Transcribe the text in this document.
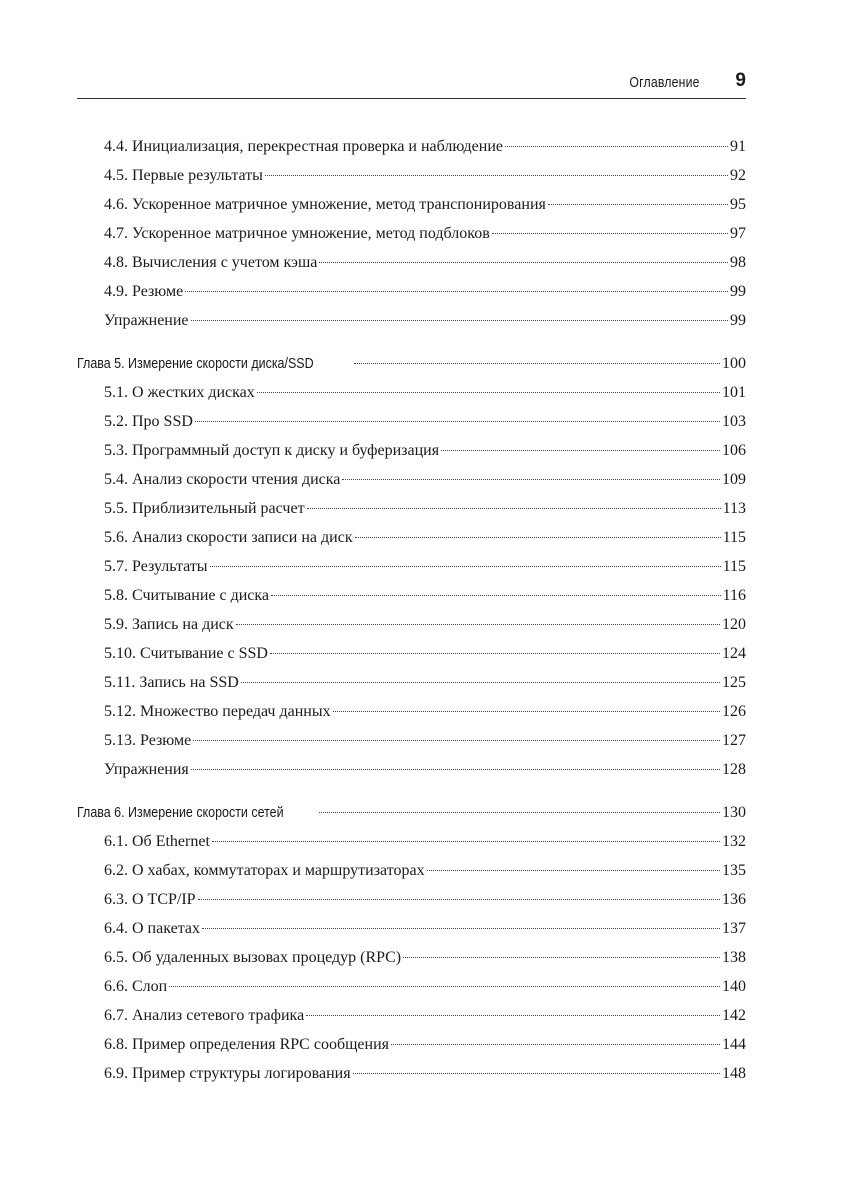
Оглавление 9
4.4. Инициализация, перекрестная проверка и наблюдение	91
4.5. Первые результаты	92
4.6. Ускоренное матричное умножение, метод транспонирования	95
4.7. Ускоренное матричное умножение, метод подблоков	97
4.8. Вычисления с учетом кэша	98
4.9. Резюме	99
Упражнение	99
Глава 5. Измерение скорости диска/SSD	100
5.1. О жестких дисках	101
5.2. Про SSD	103
5.3. Программный доступ к диску и буферизация	106
5.4. Анализ скорости чтения диска	109
5.5. Приблизительный расчет	113
5.6. Анализ скорости записи на диск	115
5.7. Результаты	115
5.8. Считывание с диска	116
5.9. Запись на диск	120
5.10. Считывание с SSD	124
5.11. Запись на SSD	125
5.12. Множество передач данных	126
5.13. Резюме	127
Упражнения	128
Глава 6. Измерение скорости сетей	130
6.1. Об Ethernet	132
6.2. О хабах, коммутаторах и маршрутизаторах	135
6.3. О TCP/IP	136
6.4. О пакетах	137
6.5. Об удаленных вызовах процедур (RPC)	138
6.6. Слоп	140
6.7. Анализ сетевого трафика	142
6.8. Пример определения RPC сообщения	144
6.9. Пример структуры логирования	148
